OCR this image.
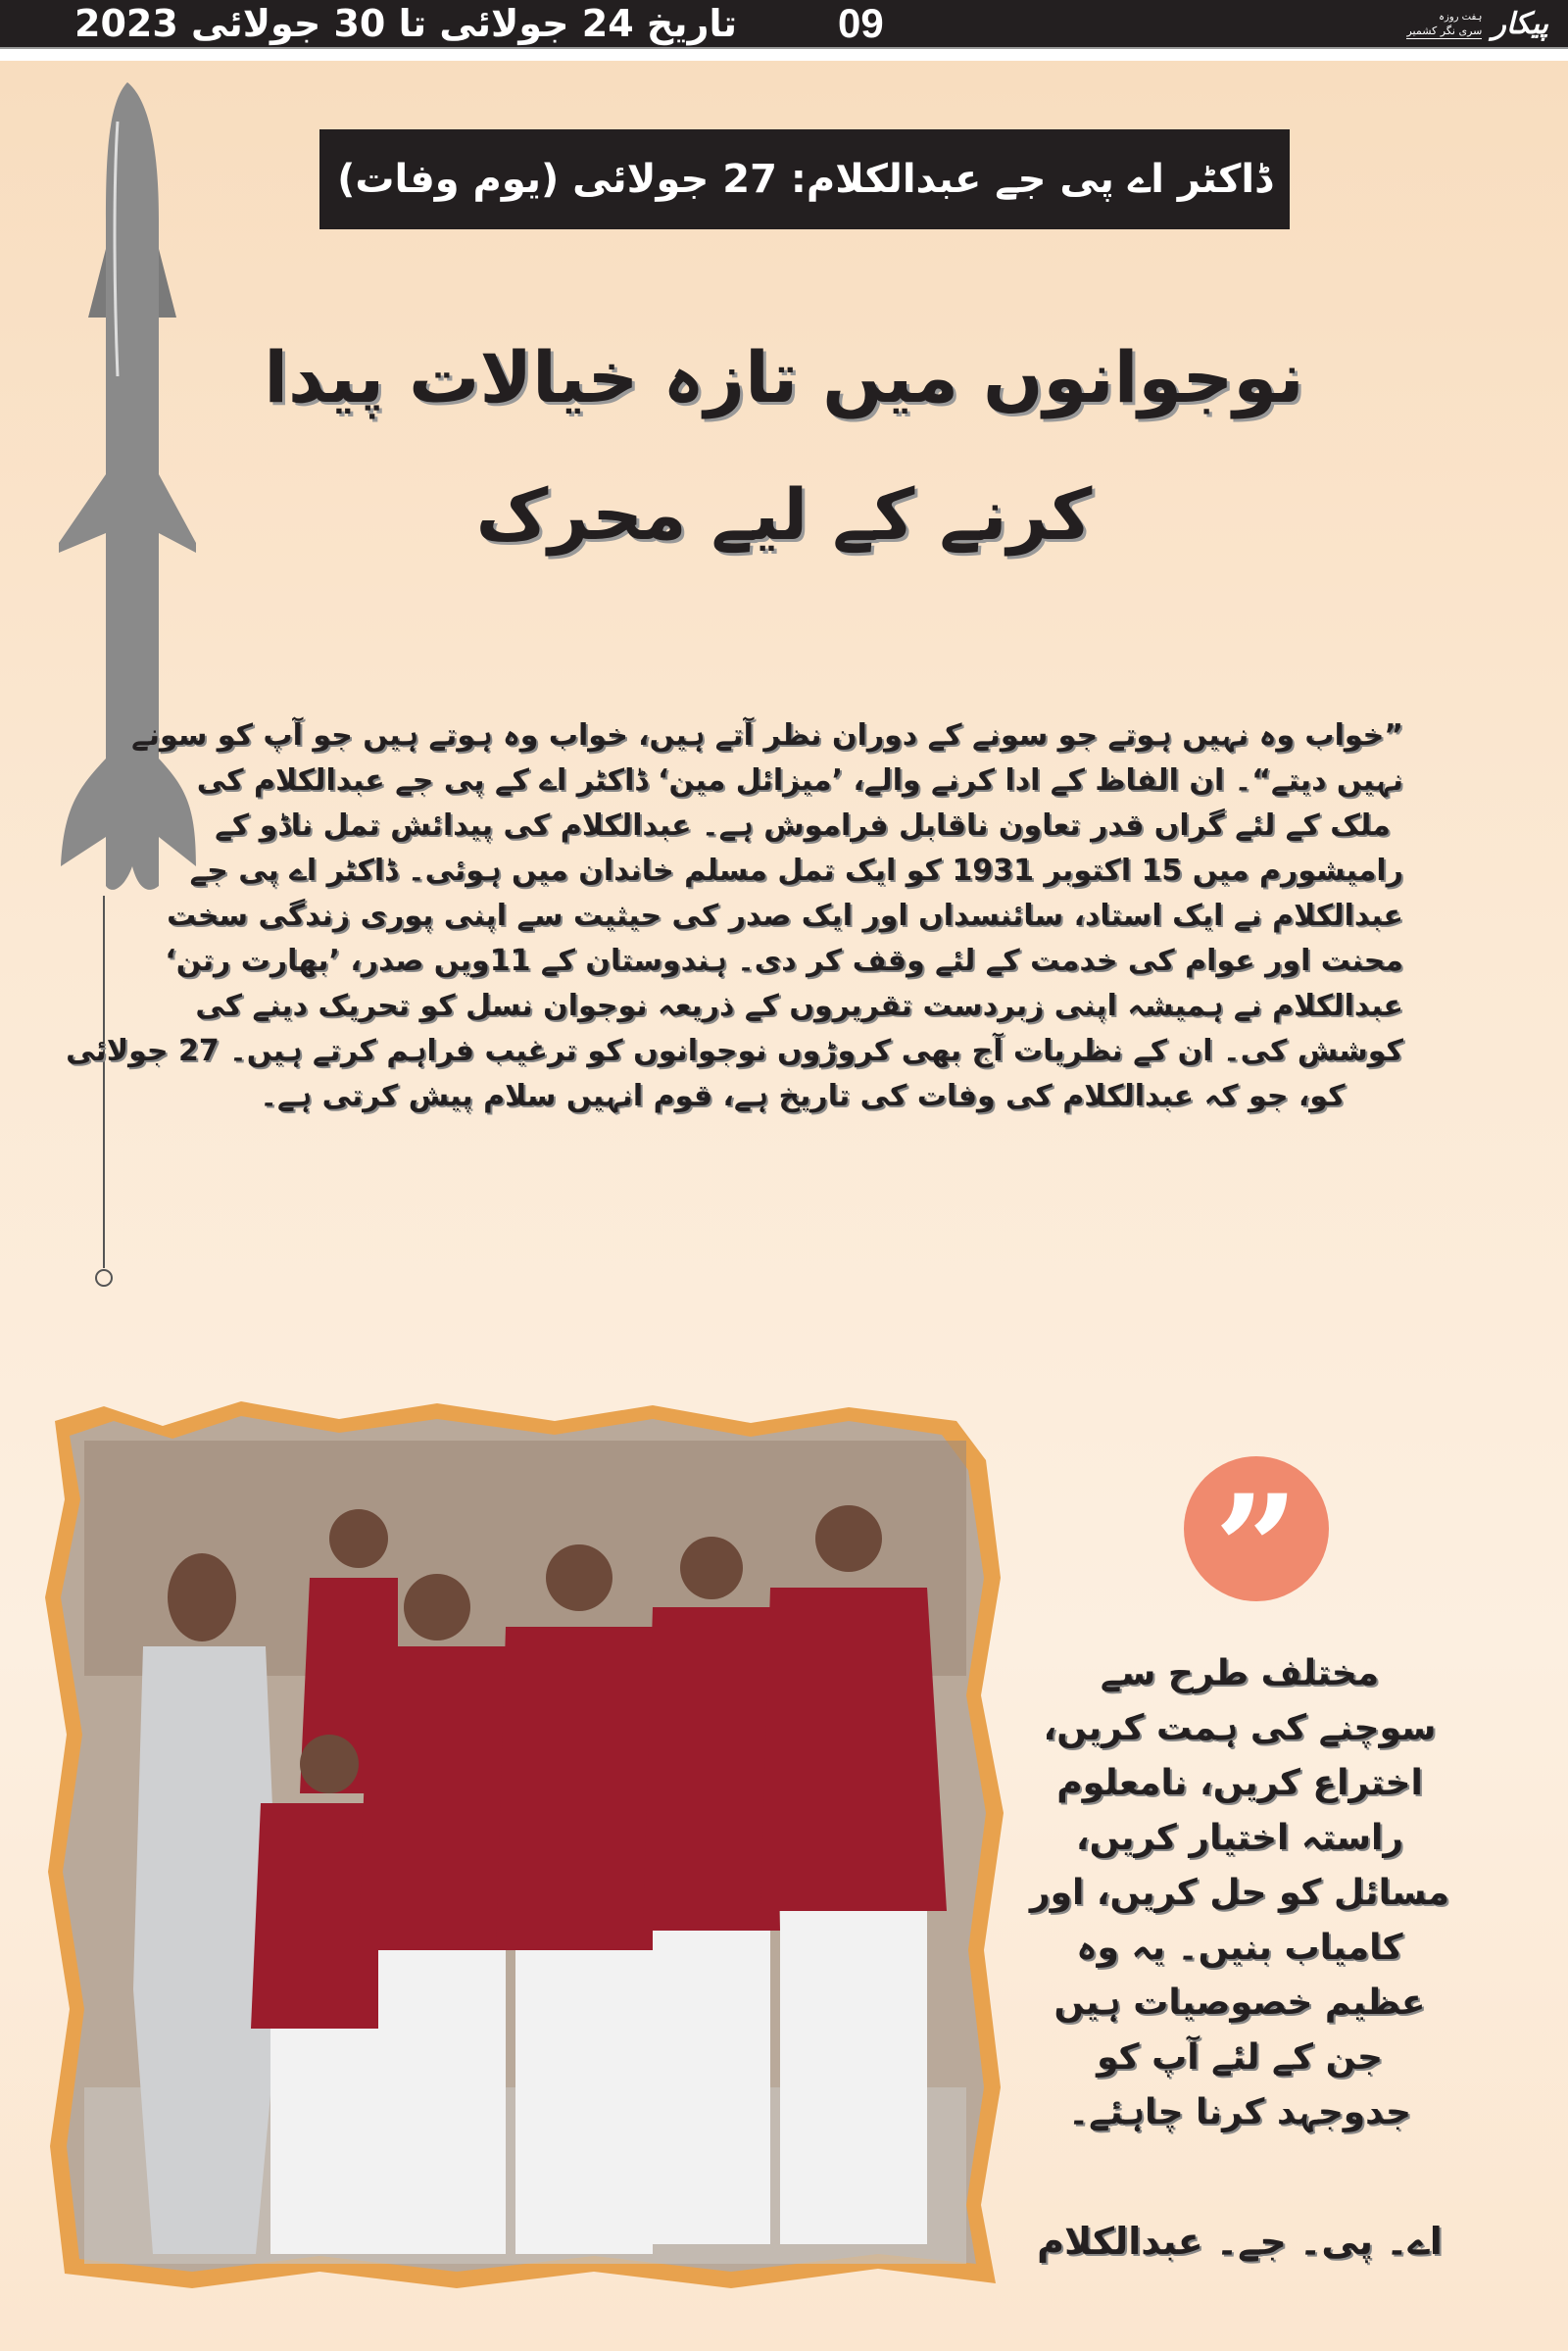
تاریخ 24 جولائی تا 30 جولائی 2023 09	ہفت روزہ
سری نگر کشمیر پیکار
ڈاکٹر اے پی جے عبدالکلام: 27 جولائی (یوم وفات)
نوجوانوں میں تازہ خیالات پیدا
کرنے کے لیے محرک
”خواب وہ نہیں ہوتے جو سونے کے دوران نظر آتے ہیں، خواب وہ ہوتے ہیں جو آپ کو سونے
نہیں دیتے“۔ ان الفاظ کے ادا کرنے والے، ’میزائل مین‘ ڈاکٹر اے کے پی جے عبدالکلام کی
ملک کے لئے گراں قدر تعاون ناقابل فراموش ہے۔ عبدالکلام کی پیدائش تمل ناڈو کے
رامیشورم میں 15 اکتوبر 1931 کو ایک تمل مسلم خاندان میں ہوئی۔ ڈاکٹر اے پی جے
عبدالکلام نے ایک استاد، سائنسداں اور ایک صدر کی حیثیت سے اپنی پوری زندگی سخت
محنت اور عوام کی خدمت کے لئے وقف کر دی۔ ہندوستان کے 11ویں صدر، ’بھارت رتن‘
عبدالکلام نے ہمیشہ اپنی زبردست تقریروں کے ذریعہ نوجوان نسل کو تحریک دینے کی
کوشش کی۔ ان کے نظریات آج بھی کروڑوں نوجوانوں کو ترغیب فراہم کرتے ہیں۔ 27 جولائی
کو، جو کہ عبدالکلام کی وفات کی تاریخ ہے، قوم انہیں سلام پیش کرتی ہے۔
”
مختلف طرح سے
سوچنے کی ہمت کریں،
اختراع کریں، نامعلوم
راستہ اختیار کریں،
مسائل کو حل کریں، اور
کامیاب بنیں۔ یہ وہ
عظیم خصوصیات ہیں
جن کے لئے آپ کو
جدوجہد کرنا چاہئے۔
اے۔ پی۔ جے۔ عبدالکلام
